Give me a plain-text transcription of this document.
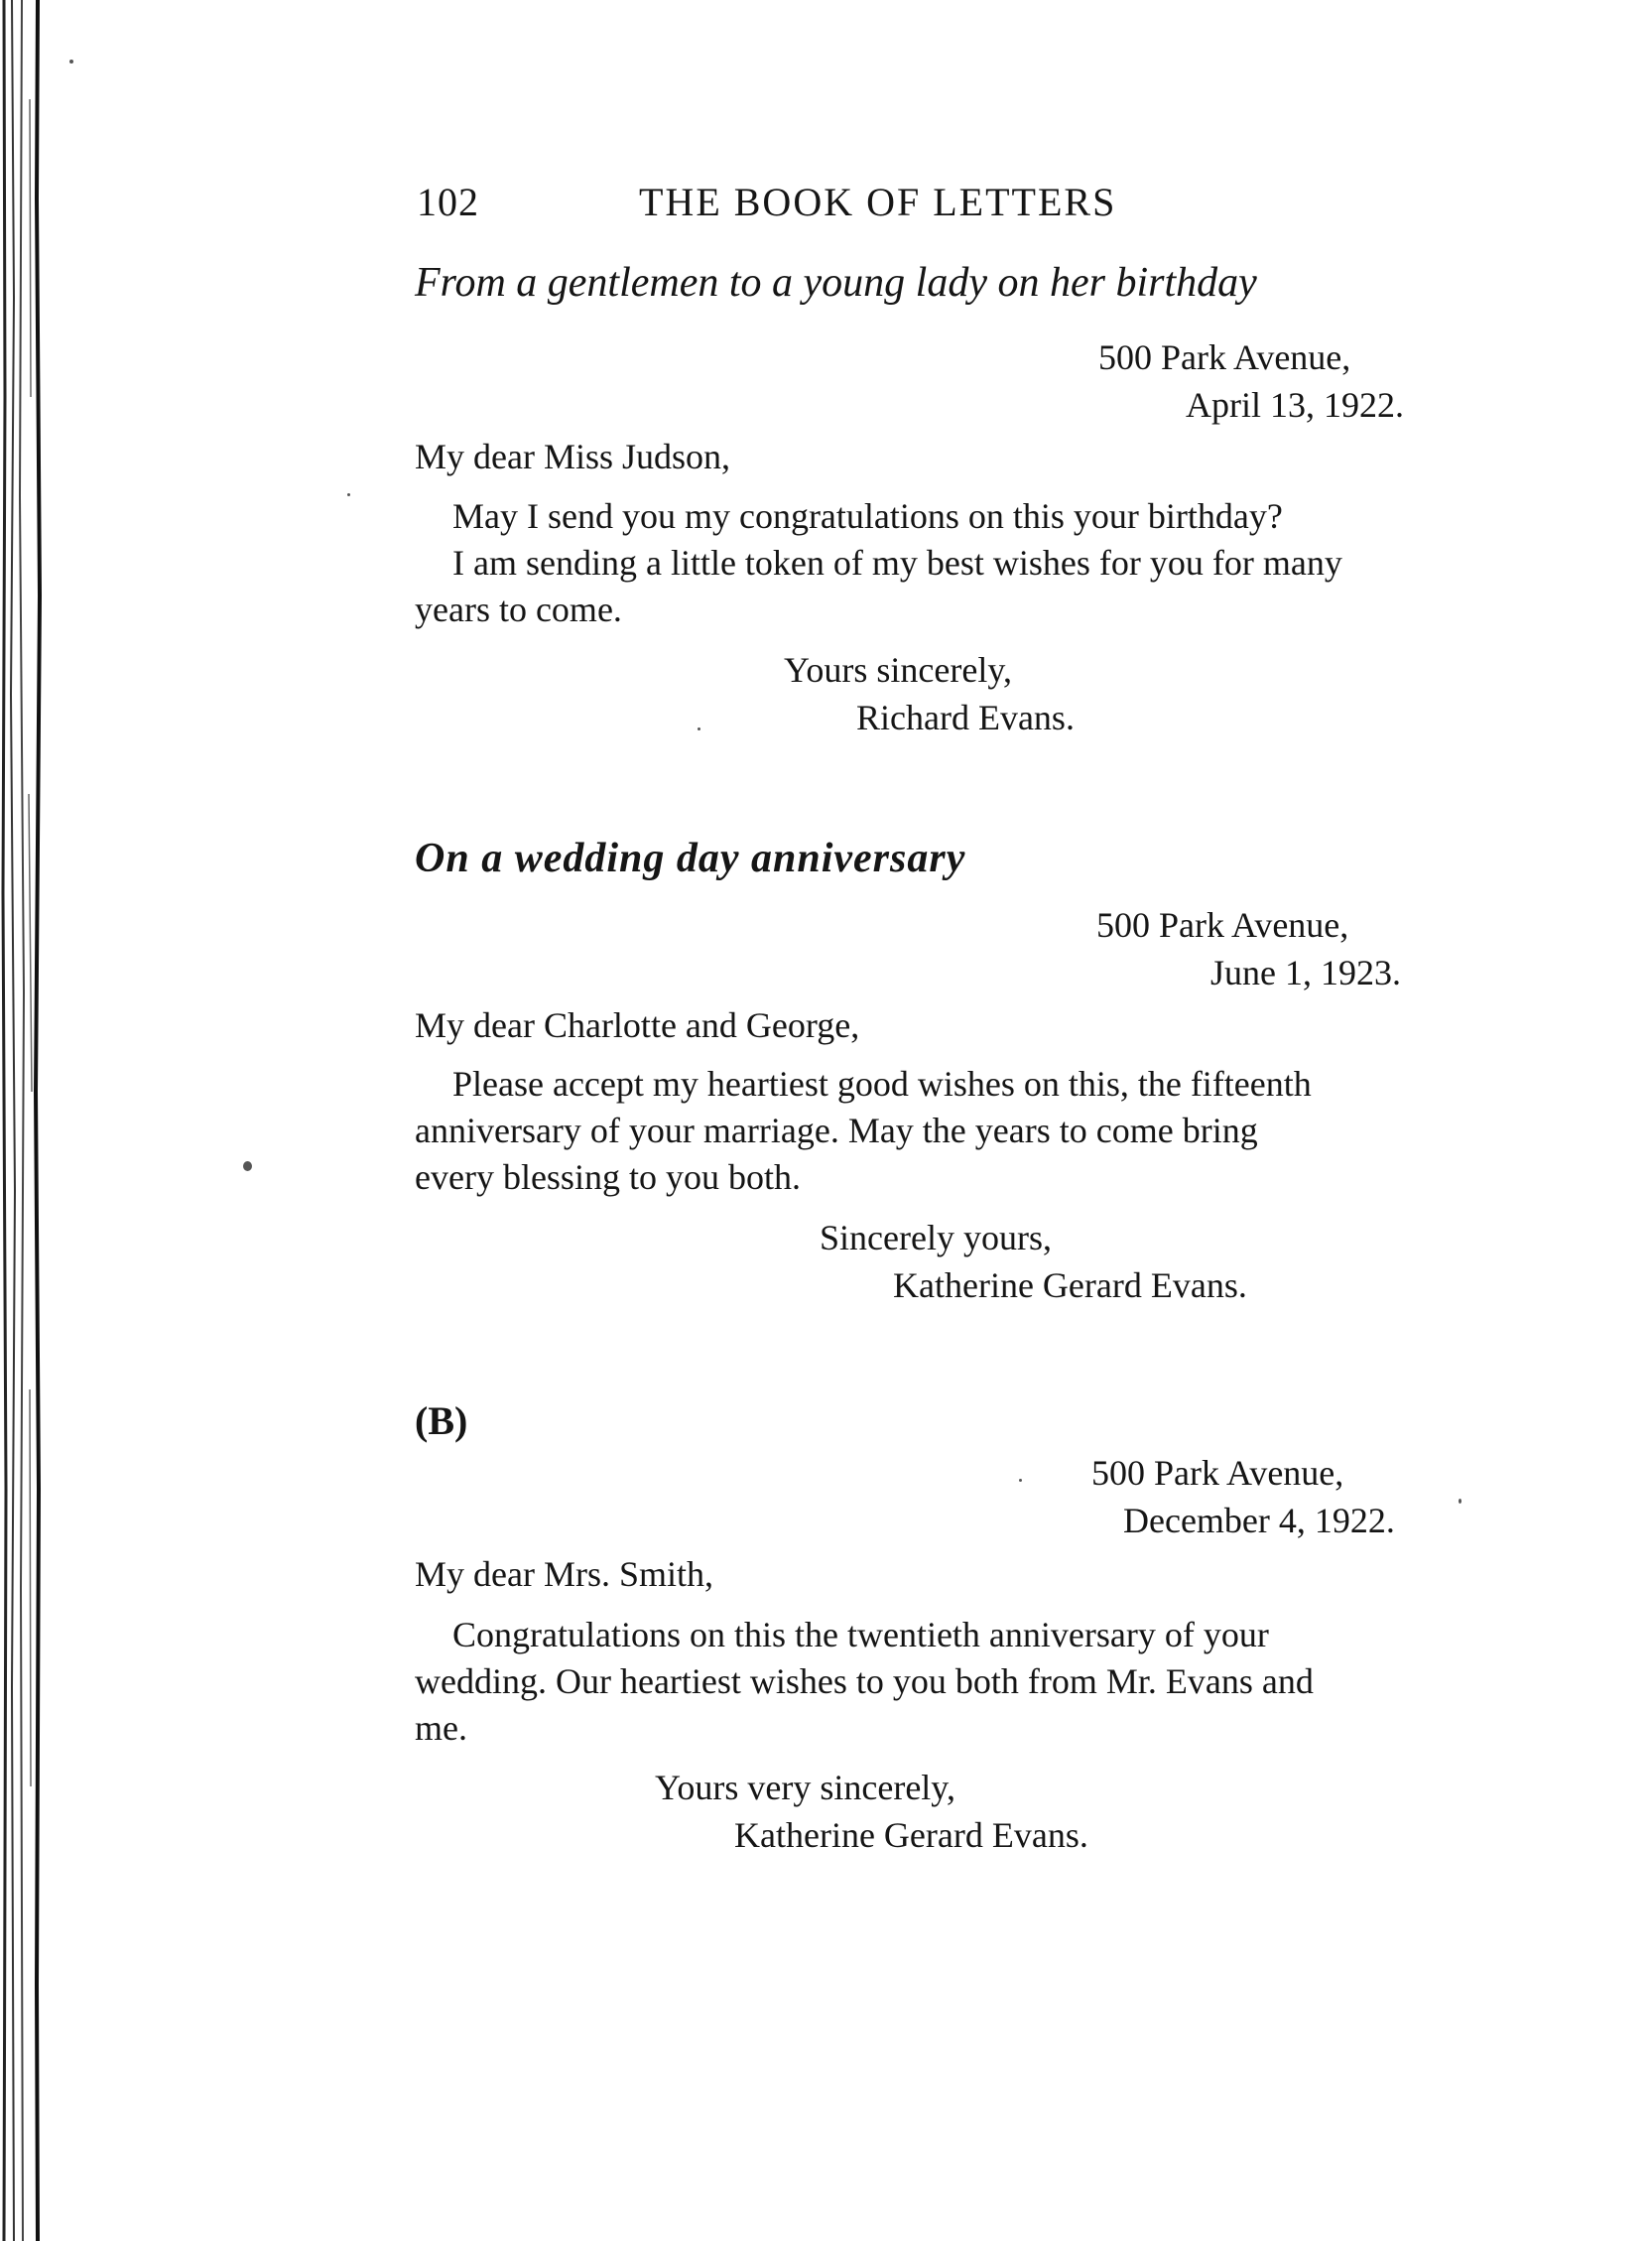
102	THE BOOK OF LETTERS
From a gentlemen to a young lady on her birthday
500 Park Avenue,
April 13, 1922.
My dear Miss Judson,
May I send you my congratulations on this your birthday?
I am sending a little token of my best wishes for you for many
years to come.
Yours sincerely,
Richard Evans.
On a wedding day anniversary
500 Park Avenue,
June 1, 1923.
My dear Charlotte and George,
Please accept my heartiest good wishes on this, the fifteenth
anniversary of your marriage. May the years to come bring
every blessing to you both.
Sincerely yours,
Katherine Gerard Evans.
(B)
500 Park Avenue,
December 4, 1922.
My dear Mrs. Smith,
Congratulations on this the twentieth anniversary of your
wedding. Our heartiest wishes to you both from Mr. Evans and
me.
Yours very sincerely,
Katherine Gerard Evans.
